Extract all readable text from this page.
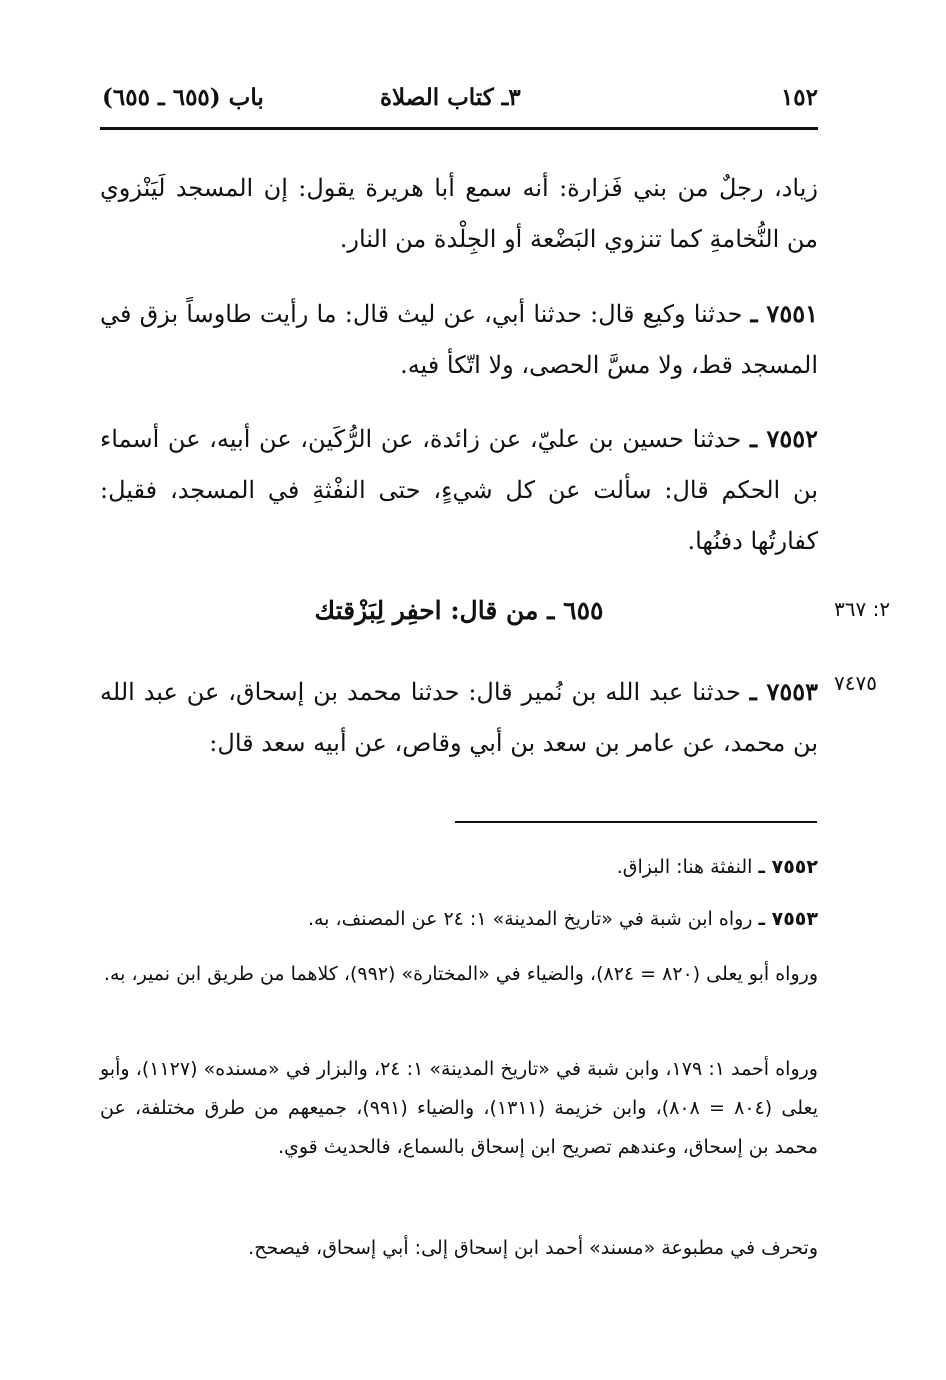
١٥٢
٣ـ كتاب الصلاة
باب (٦٥٥ ـ ٦٥٥)

زياد، رجلٌ من بني فَزارة: أنه سمع أبا هريرة يقول: إن المسجد لَيَنْزوي من النُّخامةِ كما تنزوي البَضْعة أو الجِلْدة من النار.

٧٥٥١ ـ حدثنا وكيع قال: حدثنا أبي، عن ليث قال: ما رأيت طاوساً بزق في المسجد قط، ولا مسَّ الحصى، ولا اتّكأ فيه.

٧٥٥٢ ـ حدثنا حسين بن عليّ، عن زائدة، عن الرُّكَين، عن أبيه، عن أسماء بن الحكم قال: سألت عن كل شيءٍ، حتى النفْثةِ في المسجد، فقيل: كفارتُها دفنُها.

٢: ٣٦٧

٦٥٥ ـ من قال: احفِر لِبَزْقتك

٧٤٧٥

٧٥٥٣ ـ حدثنا عبد الله بن نُمير قال: حدثنا محمد بن إسحاق، عن عبد الله بن محمد، عن عامر بن سعد بن أبي وقاص، عن أبيه سعد قال:

٧٥٥٢ ـ النفثة هنا: البزاق.

٧٥٥٣ ـ رواه ابن شبة في «تاريخ المدينة» ١: ٢٤ عن المصنف، به.

ورواه أبو يعلى (٨٢٠ = ٨٢٤)، والضياء في «المختارة» (٩٩٢)، كلاهما من طريق ابن نمير، به.

ورواه أحمد ١: ١٧٩، وابن شبة في «تاريخ المدينة» ١: ٢٤، والبزار في «مسنده» (١١٢٧)، وأبو يعلى (٨٠٤ = ٨٠٨)، وابن خزيمة (١٣١١)، والضياء (٩٩١)، جميعهم من طرق مختلفة، عن محمد بن إسحاق، وعندهم تصريح ابن إسحاق بالسماع، فالحديث قوي.

وتحرف في مطبوعة «مسند» أحمد ابن إسحاق إلى: أبي إسحاق، فيصحح.
